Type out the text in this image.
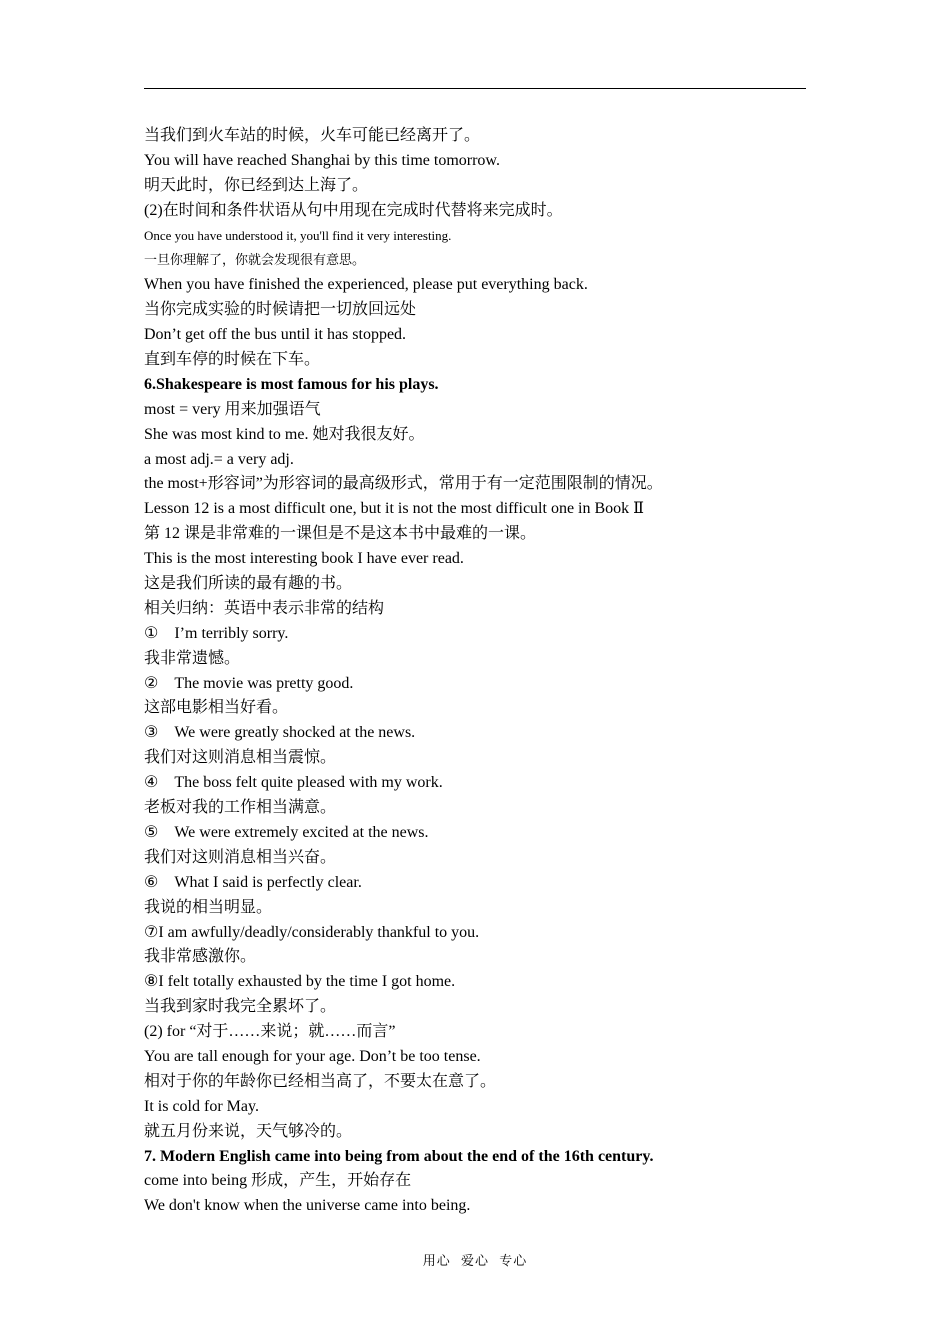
当我们到火车站的时候，火车可能已经离开了。
You will have reached Shanghai by this time tomorrow.
明天此时，你已经到达上海了。
(2)在时间和条件状语从句中用现在完成时代替将来完成时。
Once you have understood it, you'll find it very interesting.
一旦你理解了，你就会发现很有意思。
When you have finished the experienced, please put everything back.
当你完成实验的时候请把一切放回远处
Don’t get off the bus until it has stopped.
直到车停的时候在下车。
6.Shakespeare is most famous for his plays.
most = very 用来加强语气
She was most kind to me. 她对我很友好。
a most adj.= a very adj.
the most+形容词”为形容词的最高级形式，常用于有一定范围限制的情况。
Lesson 12 is a most difficult one, but it is not the most difficult one in Book Ⅱ
第 12 课是非常难的一课但是不是这本书中最难的一课。
This is the most interesting book I have ever read.
这是我们所读的最有趣的书。
相关归纳：英语中表示非常的结构
①　I’m terribly sorry.
我非常遗憾。
②　The movie was pretty good.
这部电影相当好看。
③　We were greatly shocked at the news.
我们对这则消息相当震惊。
④　The boss felt quite pleased with my work.
老板对我的工作相当满意。
⑤　We were extremely excited at the news.
我们对这则消息相当兴奋。
⑥　What I said is perfectly clear.
我说的相当明显。
⑦I am awfully/deadly/considerably thankful to you.
我非常感激你。
⑧I felt totally exhausted by the time I got home.
当我到家时我完全累坏了。
(2) for “对于……来说；就……而言”
You are tall enough for your age. Don’t be too tense.
相对于你的年龄你已经相当高了，不要太在意了。
It is cold for May.
就五月份来说，天气够冷的。
7. Modern English came into being from about the end of the 16th century.
come into being 形成，产生，开始存在
We don't know when the universe came into being.
用心 爱心 专心
